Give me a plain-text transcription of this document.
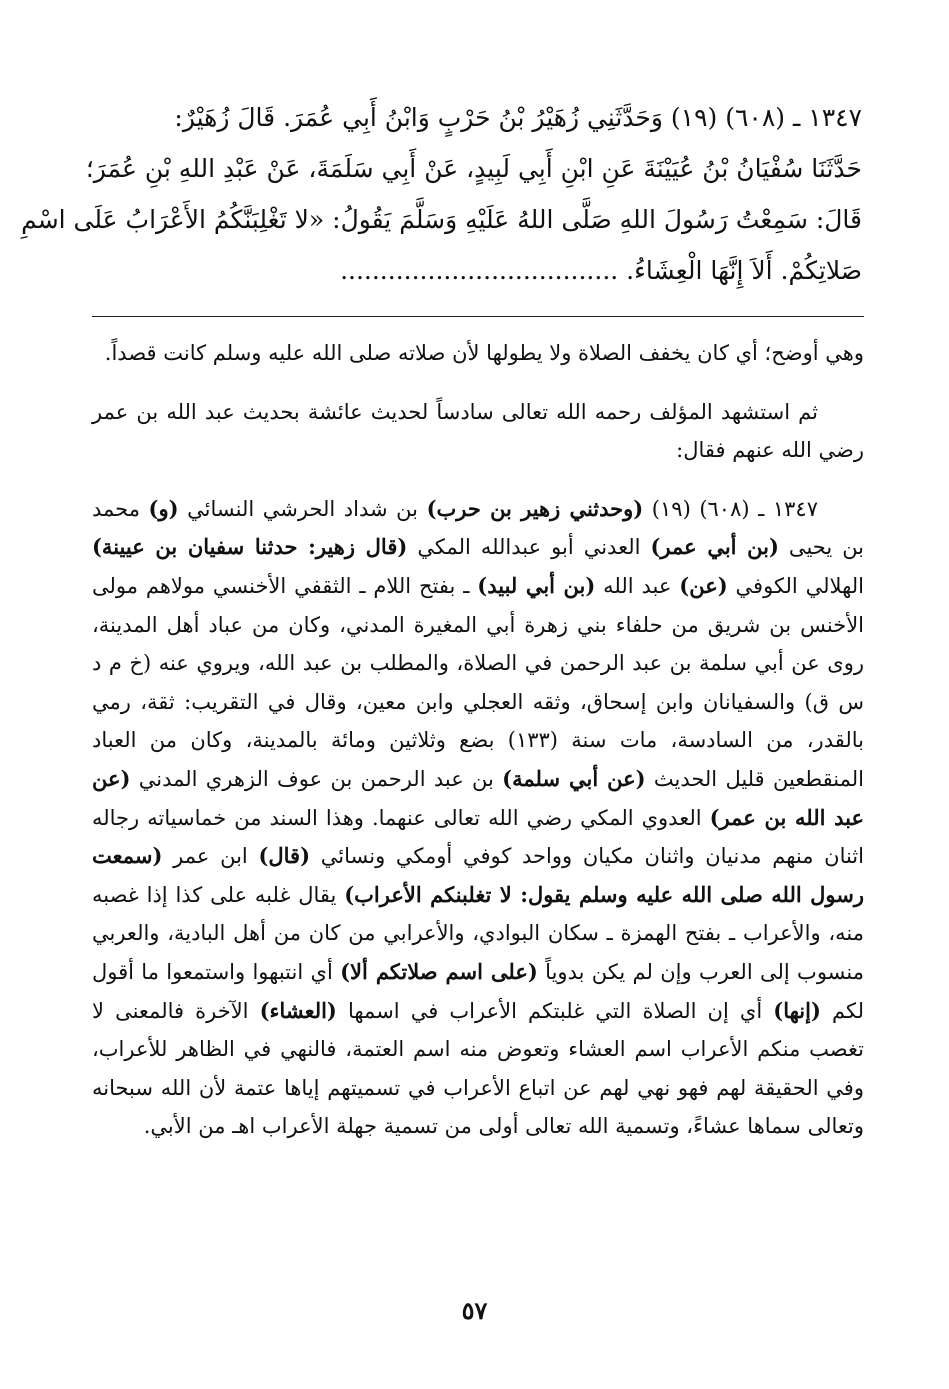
١٣٤٧ ـ (٦٠٨) (١٩) وَحَدَّثَنِي زُهَيْرُ بْنُ حَرْبٍ وَابْنُ أَبِي عُمَرَ. قَالَ زُهَيْرٌ:
حَدَّثَنَا سُفْيَانُ بْنُ عُيَيْنَةَ عَنِ ابْنِ أَبِي لَبِيدٍ، عَنْ أَبِي سَلَمَةَ، عَنْ عَبْدِ اللهِ بْنِ عُمَرَ؛
قَالَ: سَمِعْتُ رَسُولَ اللهِ صَلَّى اللهُ عَلَيْهِ وَسَلَّمَ يَقُولُ: «لا تَغْلِبَنَّكُمُ الأَعْرَابُ عَلَى اسْمِ
صَلاتِكُمْ. أَلاَ إِنَّهَا الْعِشَاءُ. ...................................

وهي أوضح؛ أي كان يخفف الصلاة ولا يطولها لأن صلاته صلى الله عليه وسلم كانت قصداً.

ثم استشهد المؤلف رحمه الله تعالى سادساً لحديث عائشة بحديث عبد الله بن عمر رضي الله عنهم فقال:

١٣٤٧ ـ (٦٠٨) (١٩) (وحدثني زهير بن حرب) بن شداد الحرشي النسائي (و) محمد بن يحيى (بن أبي عمر) العدني أبو عبدالله المكي (قال زهير: حدثنا سفيان بن عيينة) الهلالي الكوفي (عن) عبد الله (بن أبي لبيد) ـ بفتح اللام ـ الثقفي الأخنسي مولاهم مولى الأخنس بن شريق من حلفاء بني زهرة أبي المغيرة المدني، وكان من عباد أهل المدينة، روى عن أبي سلمة بن عبد الرحمن في الصلاة، والمطلب بن عبد الله، ويروي عنه (خ م د س ق) والسفيانان وابن إسحاق، وثقه العجلي وابن معين، وقال في التقريب: ثقة، رمي بالقدر، من السادسة، مات سنة (١٣٣) بضع وثلاثين ومائة بالمدينة، وكان من العباد المنقطعين قليل الحديث (عن أبي سلمة) بن عبد الرحمن بن عوف الزهري المدني (عن عبد الله بن عمر) العدوي المكي رضي الله تعالى عنهما. وهذا السند من خماسياته رجاله اثنان منهم مدنيان واثنان مكيان وواحد كوفي أومكي ونسائي (قال) ابن عمر (سمعت رسول الله صلى الله عليه وسلم يقول: لا تغلبنكم الأعراب) يقال غلبه على كذا إذا غصبه منه، والأعراب ـ بفتح الهمزة ـ سكان البوادي، والأعرابي من كان من أهل البادية، والعربي منسوب إلى العرب وإن لم يكن بدوياً (على اسم صلاتكم ألا) أي انتبهوا واستمعوا ما أقول لكم (إنها) أي إن الصلاة التي غلبتكم الأعراب في اسمها (العشاء) الآخرة فالمعنى لا تغصب منكم الأعراب اسم العشاء وتعوض منه اسم العتمة، فالنهي في الظاهر للأعراب، وفي الحقيقة لهم فهو نهي لهم عن اتباع الأعراب في تسميتهم إياها عتمة لأن الله سبحانه وتعالى سماها عشاءً، وتسمية الله تعالى أولى من تسمية جهلة الأعراب اهـ من الأبي.

٥٧
